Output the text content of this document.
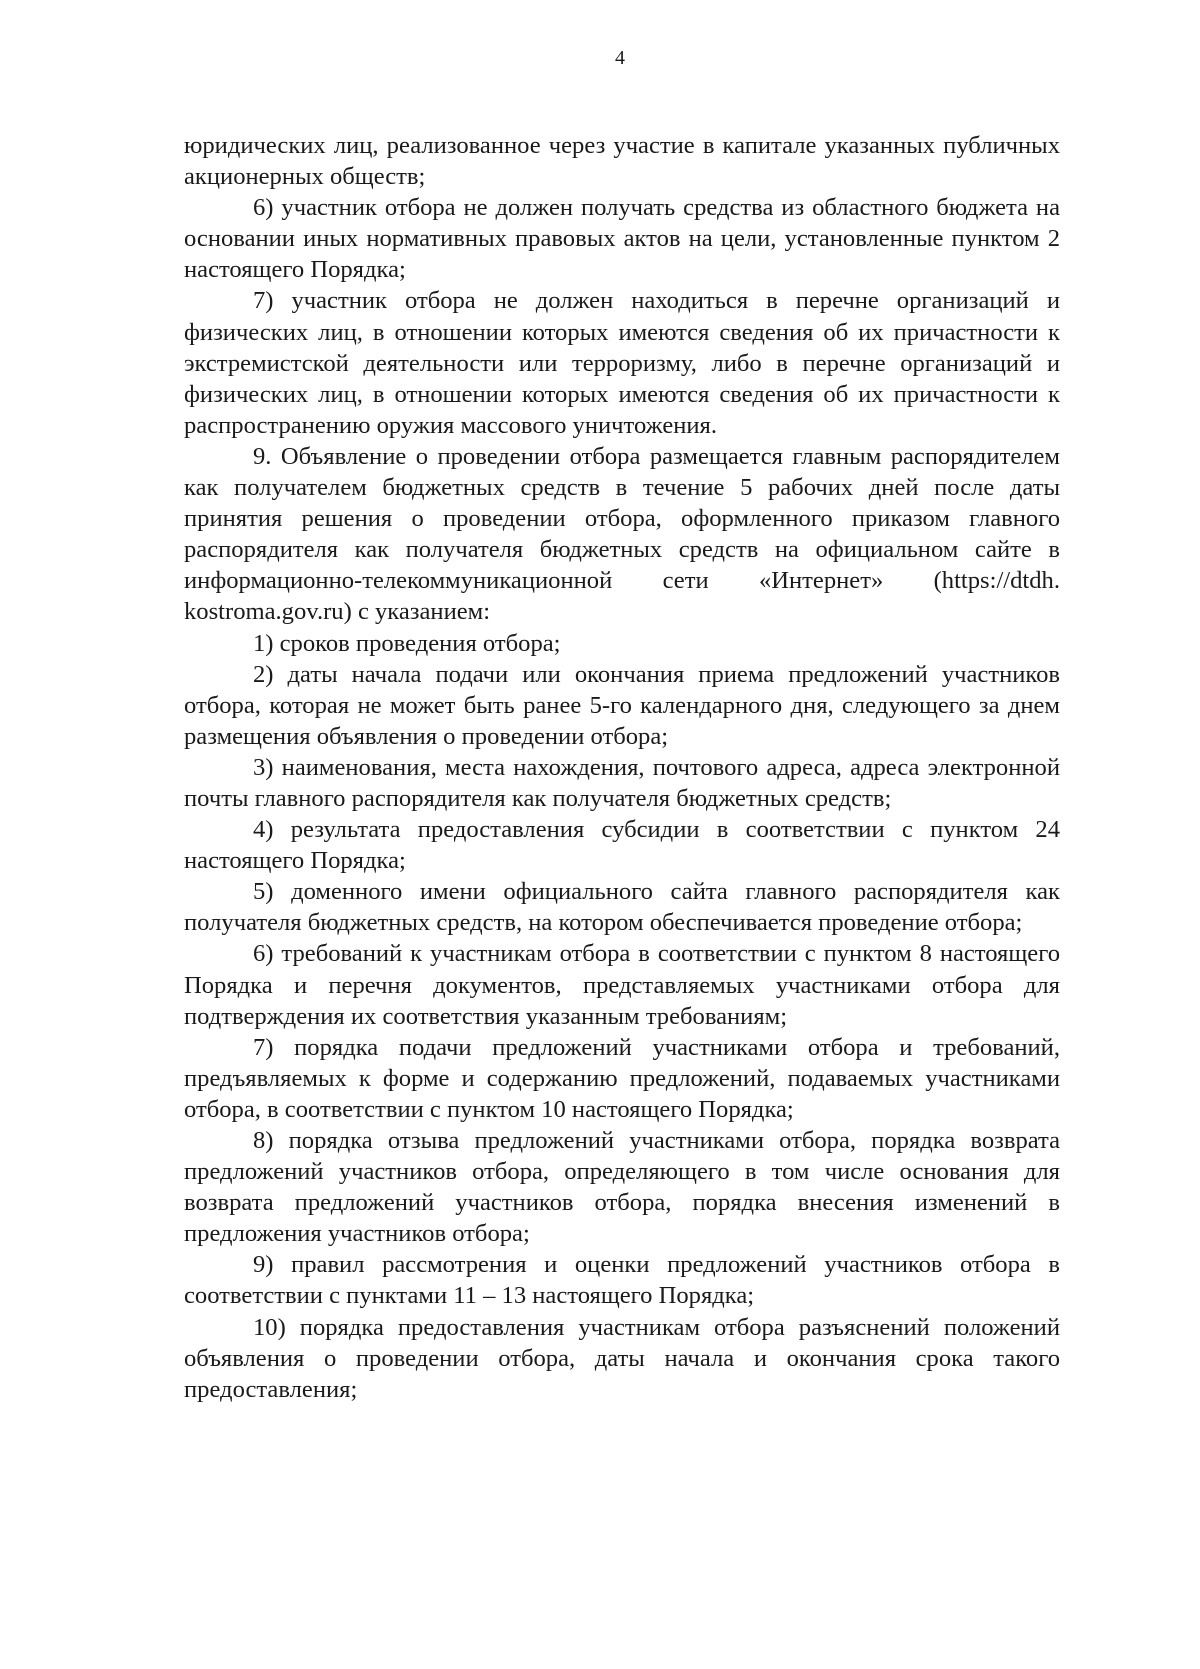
4

юридических лиц, реализованное через участие в капитале указанных публичных акционерных обществ;

6) участник отбора не должен получать средства из областного бюджета на основании иных нормативных правовых актов на цели, установленные пунктом 2 настоящего Порядка;

7) участник отбора не должен находиться в перечне организаций и физических лиц, в отношении которых имеются сведения об их причастности к экстремистской деятельности или терроризму, либо в перечне организаций и физических лиц, в отношении которых имеются сведения об их причастности к распространению оружия массового уничтожения.

9. Объявление о проведении отбора размещается главным распорядителем как получателем бюджетных средств в течение 5 рабочих дней после даты принятия решения о проведении отбора, оформленного приказом главного распорядителя как получателя бюджетных средств на официальном сайте в информационно-телекоммуникационной сети «Интернет» (https://dtdh. kostroma.gov.ru) с указанием:

1) сроков проведения отбора;

2) даты начала подачи или окончания приема предложений участников отбора, которая не может быть ранее 5-го календарного дня, следующего за днем размещения объявления о проведении отбора;

3) наименования, места нахождения, почтового адреса, адреса электронной почты главного распорядителя как получателя бюджетных средств;

4) результата предоставления субсидии в соответствии с пунктом 24 настоящего Порядка;

5) доменного имени официального сайта главного распорядителя как получателя бюджетных средств, на котором обеспечивается проведение отбора;

6) требований к участникам отбора в соответствии с пунктом 8 настоящего Порядка и перечня документов, представляемых участниками отбора для подтверждения их соответствия указанным требованиям;

7) порядка подачи предложений участниками отбора и требований, предъявляемых к форме и содержанию предложений, подаваемых участниками отбора, в соответствии с пунктом 10 настоящего Порядка;

8) порядка отзыва предложений участниками отбора, порядка возврата предложений участников отбора, определяющего в том числе основания для возврата предложений участников отбора, порядка внесения изменений в предложения участников отбора;

9) правил рассмотрения и оценки предложений участников отбора в соответствии с пунктами 11 – 13 настоящего Порядка;

10) порядка предоставления участникам отбора разъяснений положений объявления о проведении отбора, даты начала и окончания срока такого предоставления;
